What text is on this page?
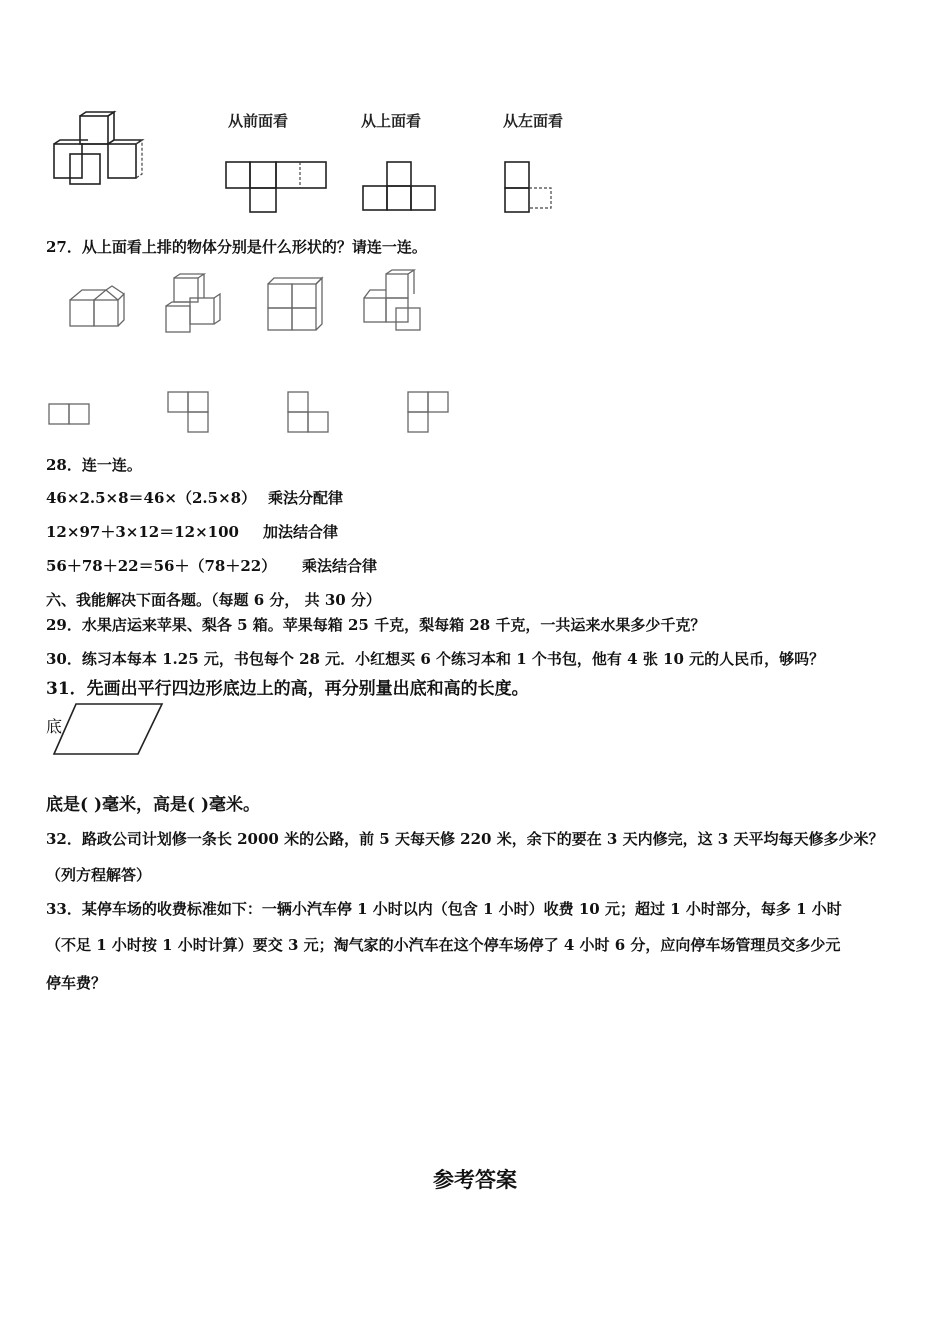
从前面看	从上面看	从左面看
27．从上面看上排的物体分别是什么形状的？请连一连。
28．连一连。
46×2.5×8＝46×（2.5×8） 乘法分配律
12×97＋3×12＝12×100 加法结合律
56＋78＋22＝56＋（78＋22） 乘法结合律
六、我能解决下面各题。（每题 6 分， 共 30 分）
29．水果店运来苹果、梨各 5 箱。苹果每箱 25 千克，梨每箱 28 千克，一共运来水果多少千克？
30．练习本每本 1.25 元，书包每个 28 元．小红想买 6 个练习本和 1 个书包，他有 4 张 10 元的人民币，够吗？
31．先画出平行四边形底边上的高，再分别量出底和高的长度。
底
底是( )毫米，高是( )毫米。
32．路政公司计划修一条长 2000 米的公路，前 5 天每天修 220 米，余下的要在 3 天内修完，这 3 天平均每天修多少米？
（列方程解答）
33．某停车场的收费标准如下：一辆小汽车停 1 小时以内（包含 1 小时）收费 10 元；超过 1 小时部分，每多 1 小时
（不足 1 小时按 1 小时计算）要交 3 元；淘气家的小汽车在这个停车场停了 4 小时 6 分，应向停车场管理员交多少元
停车费？
参考答案
